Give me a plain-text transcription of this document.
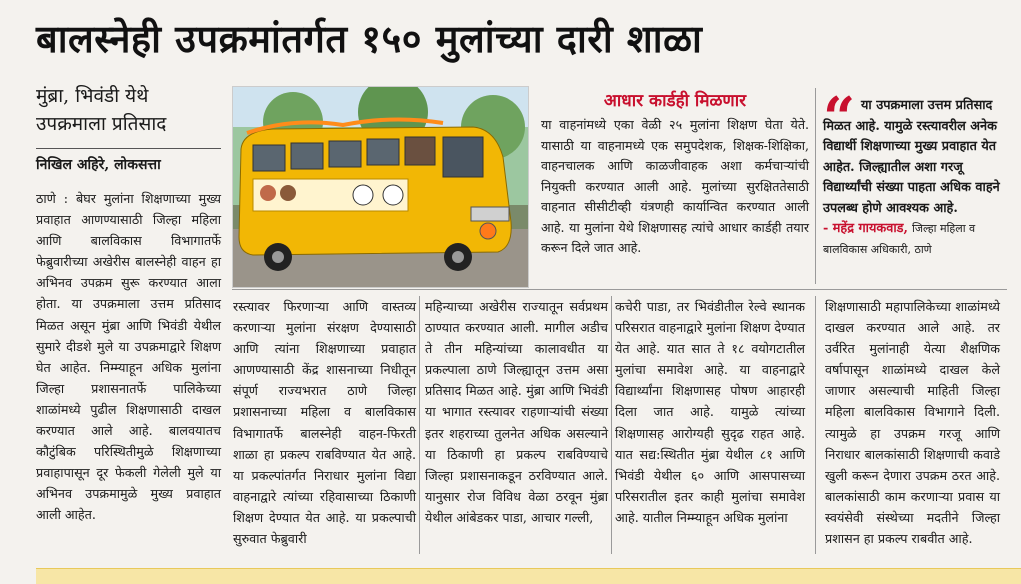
बालस्नेही उपक्रमांतर्गत १५० मुलांच्या दारी शाळा
मुंब्रा, भिवंडी येथे उपक्रमाला प्रतिसाद
निखिल अहिरे, लोकसत्ता

ठाणे : बेघर मुलांना शिक्षणाच्या मुख्य प्रवाहात आणण्यासाठी जिल्हा महिला आणि बालविकास विभागातर्फे फेब्रुवारीच्या अखेरीस बालस्नेही वाहन हा अभिनव उपक्रम सुरू करण्यात आला होता. या उपक्रमाला उत्तम प्रतिसाद मिळत असून मुंब्रा आणि भिवंडी येथील सुमारे दीडशे मुले या उपक्रमाद्वारे शिक्षण घेत आहेत. निम्म्याहून अधिक मुलांना जिल्हा प्रशासनातर्फे पालिकेच्या शाळांमध्ये पुढील शिक्षणासाठी दाखल करण्यात आले आहे. बालवयातच कौटुंबिक परिस्थितीमुळे शिक्षणाच्या प्रवाहापासून दूर फेकली गेलेली मुले या अभिनव उपक्रमामुळे मुख्य प्रवाहात आली आहेत.

आधार कार्डही मिळणार
या वाहनांमध्ये एका वेळी २५ मुलांना शिक्षण घेता येते. यासाठी या वाहनामध्ये एक समुपदेशक, शिक्षक-शिक्षिका, वाहनचालक आणि काळजीवाहक अशा कर्मचाऱ्यांची नियुक्ती करण्यात आली आहे. मुलांच्या सुरक्षिततेसाठी वाहनात सीसीटीव्ही यंत्रणही कार्यान्वित करण्यात आली आहे. या मुलांना येथे शिक्षणासह त्यांचे आधार कार्डही तयार करून दिले जात आहे.
“ या उपक्रमाला उत्तम प्रतिसाद मिळत आहे. यामुळे रस्त्यावरील अनेक विद्यार्थी शिक्षणाच्या मुख्य प्रवाहात येत आहेत. जिल्ह्यातील अशा गरजू विद्यार्थ्यांची संख्या पाहता अधिक वाहने उपलब्ध होणे आवश्यक आहे.
- महेंद्र गायकवाड, जिल्हा महिला व बालविकास अधिकारी, ठाणे

रस्त्यावर फिरणाऱ्या आणि वास्तव्य करणाऱ्या मुलांना संरक्षण देण्यासाठी आणि त्यांना शिक्षणाच्या प्रवाहात आणण्यासाठी केंद्र शासनाच्या निधीतून संपूर्ण राज्यभरात ठाणे जिल्हा प्रशासनाच्या महिला व बालविकास विभागातर्फे बालस्नेही वाहन-फिरती शाळा हा प्रकल्प राबविण्यात येत आहे. या प्रकल्पांतर्गत निराधार मुलांना विद्या वाहनाद्वारे त्यांच्या रहिवासाच्या ठिकाणी शिक्षण देण्यात येत आहे. या प्रकल्पाची सुरुवात फेब्रुवारी

महिन्याच्या अखेरीस राज्यातून सर्वप्रथम ठाण्यात करण्यात आली. मागील अडीच ते तीन महिन्यांच्या कालावधीत या प्रकल्पाला ठाणे जिल्ह्यातून उत्तम असा प्रतिसाद मिळत आहे. मुंब्रा आणि भिवंडी या भागात रस्त्यावर राहणाऱ्यांची संख्या इतर शहराच्या तुलनेत अधिक असल्याने या ठिकाणी हा प्रकल्प राबविण्याचे जिल्हा प्रशासनाकडून ठरविण्यात आले. यानुसार रोज विविध वेळा ठरवून मुंब्रा येथील आंबेडकर पाडा, आचार गल्ली,

कचेरी पाडा, तर भिवंडीतील रेल्वे स्थानक परिसरात वाहनाद्वारे मुलांना शिक्षण देण्यात येत आहे. यात सात ते १८ वयोगटातील मुलांचा समावेश आहे. या वाहनाद्वारे विद्यार्थ्यांना शिक्षणासह पोषण आहारही दिला जात आहे. यामुळे त्यांच्या शिक्षणासह आरोग्यही सुदृढ राहत आहे. यात सद्य:स्थितीत मुंब्रा येथील ८१ आणि भिवंडी येथील ६० आणि आसपासच्या परिसरातील इतर काही मुलांचा समावेश आहे. यातील निम्म्याहून अधिक मुलांना

शिक्षणासाठी महापालिकेच्या शाळांमध्ये दाखल करण्यात आले आहे. तर उर्वरित मुलांनाही येत्या शैक्षणिक वर्षापासून शाळांमध्ये दाखल केले जाणार असल्याची माहिती जिल्हा महिला बालविकास विभागाने दिली. त्यामुळे हा उपक्रम गरजू आणि निराधार बालकांसाठी शिक्षणाची कवाडे खुली करून देणारा उपक्रम ठरत आहे. बालकांसाठी काम करणाऱ्या प्रवास या स्वयंसेवी संस्थेच्या मदतीने जिल्हा प्रशासन हा प्रकल्प राबवीत आहे.
